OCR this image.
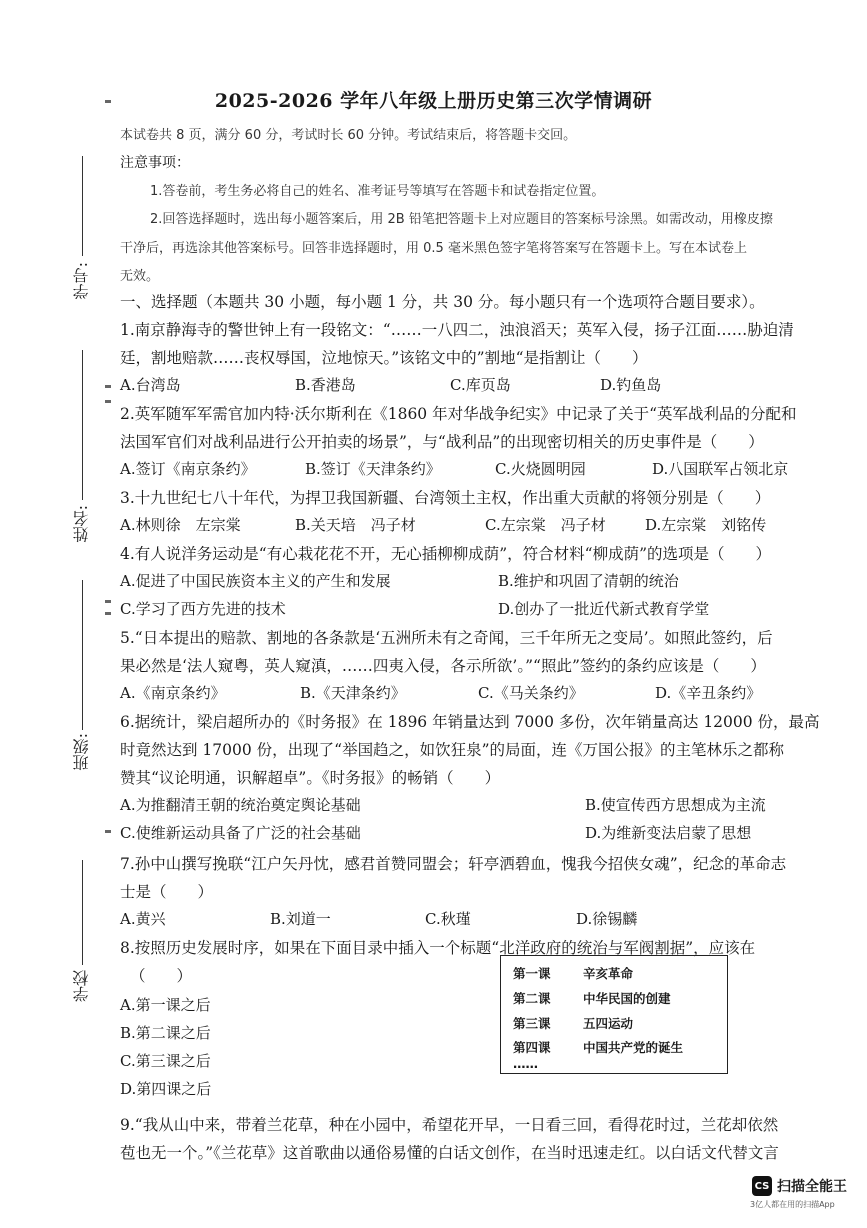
学号:
姓名:
班级:
学校
2025-2026 学年八年级上册历史第三次学情调研
本试卷共 8 页，满分 60 分，考试时长 60 分钟。考试结束后，将答题卡交回。
注意事项：
1.答卷前，考生务必将自己的姓名、准考证号等填写在答题卡和试卷指定位置。
2.回答选择题时，选出每小题答案后，用 2B 铅笔把答题卡上对应题目的答案标号涂黑。如需改动，用橡皮擦
干净后，再选涂其他答案标号。回答非选择题时，用 0.5 毫米黑色签字笔将答案写在答题卡上。写在本试卷上
无效。
一、选择题（本题共 30 小题，每小题 1 分，共 30 分。每小题只有一个选项符合题目要求）。
1.南京静海寺的警世钟上有一段铭文：“……一八四二，浊浪滔天；英军入侵，扬子江面……胁迫清
廷，割地赔款……丧权辱国，泣地惊天。”该铭文中的”割地“是指割让（　　）
A.台湾岛	B.香港岛	C.库页岛	D.钓鱼岛
2.英军随军军需官加内特·沃尔斯利在《1860 年对华战争纪实》中记录了关于“英军战利品的分配和
法国军官们对战利品进行公开拍卖的场景”，与“战利品”的出现密切相关的历史事件是（　　）
A.签订《南京条约》	B.签订《天津条约》	C.火烧圆明园	D.八国联军占领北京
3.十九世纪七八十年代，为捍卫我国新疆、台湾领土主权，作出重大贡献的将领分别是（　　）
A.林则徐　左宗棠	B.关天培　冯子材	C.左宗棠　冯子材	D.左宗棠　刘铭传
4.有人说洋务运动是“有心栽花花不开，无心插柳柳成荫”，符合材料“柳成荫”的选项是（　　）
A.促进了中国民族资本主义的产生和发展	B.维护和巩固了清朝的统治
C.学习了西方先进的技术	D.创办了一批近代新式教育学堂
5.“日本提出的赔款、割地的各条款是‘五洲所未有之奇闻，三千年所无之变局’。如照此签约，后
果必然是‘法人窥粤，英人窥滇，……四夷入侵，各示所欲’。”“照此”签约的条约应该是（　　）
A.《南京条约》	B.《天津条约》	C.《马关条约》	D.《辛丑条约》
6.据统计，梁启超所办的《时务报》在 1896 年销量达到 7000 多份，次年销量高达 12000 份，最高
时竟然达到 17000 份，出现了“举国趋之，如饮狂泉”的局面，连《万国公报》的主笔林乐之都称
赞其“议论明通，识解超卓”。《时务报》的畅销（　　）
A.为推翻清王朝的统治奠定舆论基础	B.使宣传西方思想成为主流
C.使维新运动具备了广泛的社会基础	D.为维新变法启蒙了思想
7.孙中山撰写挽联“江户矢丹忱，感君首赞同盟会；轩亭洒碧血，愧我今招侠女魂”，纪念的革命志
士是（　　）
A.黄兴	B.刘道一	C.秋瑾	D.徐锡麟
8.按照历史发展时序，如果在下面目录中插入一个标题“北洋政府的统治与军阀割据”，应该在
（　　）
A.第一课之后
B.第二课之后
C.第三课之后
D.第四课之后
第一课	辛亥革命
第二课	中华民国的创建
第三课	五四运动
第四课	中国共产党的诞生
……
9.“我从山中来，带着兰花草，种在小园中，希望花开早，一日看三回，看得花时过，兰花却依然
苞也无一个。”《兰花草》这首歌曲以通俗易懂的白话文创作，在当时迅速走红。以白话文代替文言
CS 扫描全能王
3亿人都在用的扫描App
